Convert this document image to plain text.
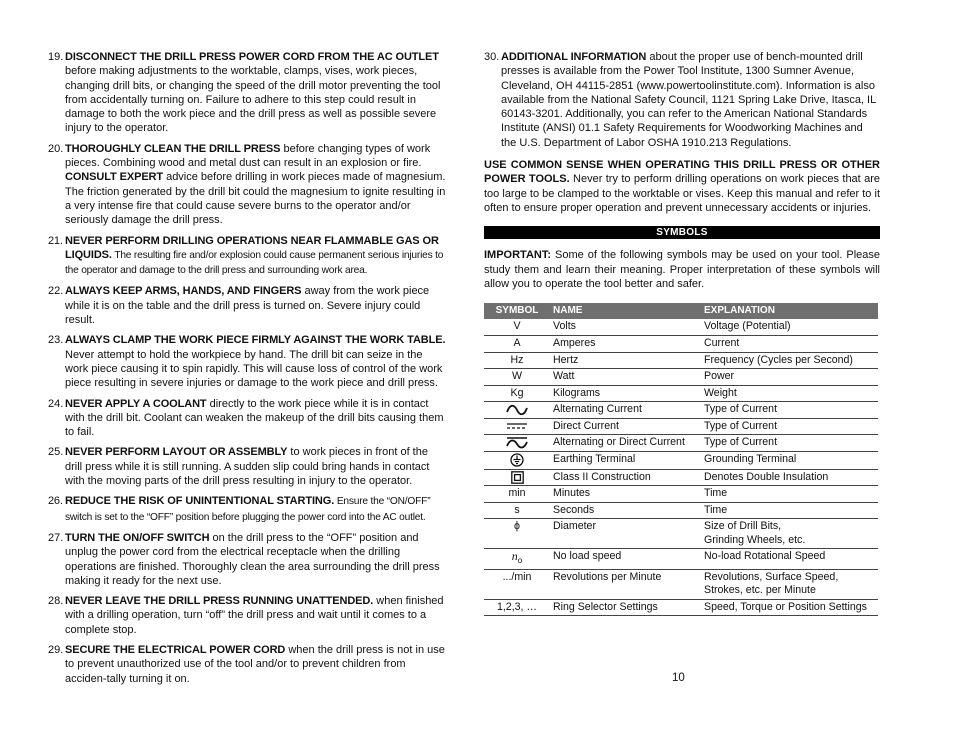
19. DISCONNECT THE DRILL PRESS POWER CORD FROM THE AC OUTLET before making adjustments to the worktable, clamps, vises, work pieces, changing drill bits, or changing the speed of the drill motor preventing the tool from accidentally turning on. Failure to adhere to this step could result in damage to both the work piece and the drill press as well as possible severe injury to the operator.
20. THOROUGHLY CLEAN THE DRILL PRESS before changing types of work pieces. Combining wood and metal dust can result in an explosion or fire. CONSULT EXPERT advice before drilling in work pieces made of magnesium. The friction generated by the drill bit could the magnesium to ignite resulting in a very intense fire that could cause severe burns to the operator and/or seriously damage the drill press.
21. NEVER PERFORM DRILLING OPERATIONS NEAR FLAMMABLE GAS OR LIQUIDS. The resulting fire and/or explosion could cause permanent serious injuries to the operator and damage to the drill press and surrounding work area.
22. ALWAYS KEEP ARMS, HANDS, AND FINGERS away from the work piece while it is on the table and the drill press is turned on. Severe injury could result.
23. ALWAYS CLAMP THE WORK PIECE FIRMLY AGAINST THE WORK TABLE. Never attempt to hold the workpiece by hand. The drill bit can seize in the work piece causing it to spin rapidly. This will cause loss of control of the work piece resulting in severe injuries or damage to the work piece and drill press.
24. NEVER APPLY A COOLANT directly to the work piece while it is in contact with the drill bit. Coolant can weaken the makeup of the drill bits causing them to fail.
25. NEVER PERFORM LAYOUT OR ASSEMBLY to work pieces in front of the drill press while it is still running. A sudden slip could bring hands in contact with the moving parts of the drill press resulting in injury to the operator.
26. REDUCE THE RISK OF UNINTENTIONAL STARTING. Ensure the “ON/OFF” switch is set to the “OFF” position before plugging the power cord into the AC outlet.
27. TURN THE ON/OFF SWITCH on the drill press to the “OFF” position and unplug the power cord from the electrical receptacle when the drilling operations are finished. Thoroughly clean the area surrounding the drill press making it ready for the next use.
28. NEVER LEAVE THE DRILL PRESS RUNNING UNATTENDED. when finished with a drilling operation, turn “off” the drill press and wait until it comes to a complete stop.
29. SECURE THE ELECTRICAL POWER CORD when the drill press is not in use to prevent unauthorized use of the tool and/or to prevent children from acciden-tally turning it on.
30. ADDITIONAL INFORMATION about the proper use of bench-mounted drill presses is available from the Power Tool Institute, 1300 Sumner Avenue, Cleveland, OH 44115-2851 (www.powertoolinstitute.com). Information is also available from the National Safety Council, 1121 Spring Lake Drive, Itasca, IL 60143-3201. Additionally, you can refer to the American National Standards Institute (ANSI) 01.1 Safety Requirements for Woodworking Machines and the U.S. Department of Labor OSHA 1910.213 Regulations.
USE COMMON SENSE WHEN OPERATING THIS DRILL PRESS OR OTHER POWER TOOLS. Never try to perform drilling operations on work pieces that are too large to be clamped to the worktable or vises. Keep this manual and refer to it often to ensure proper operation and prevent unnecessary accidents or injuries.
SYMBOLS
IMPORTANT: Some of the following symbols may be used on your tool. Please study them and learn their meaning. Proper interpretation of these symbols will allow you to operate the tool better and safer.
SYMBOL	NAME	EXPLANATION
V	Volts	Voltage (Potential)
A	Amperes	Current
Hz	Hertz	Frequency (Cycles per Second)
W	Watt	Power
Kg	Kilograms	Weight
	Alternating Current	Type of Current
	Direct Current	Type of Current
	Alternating or Direct Current	Type of Current
	Earthing Terminal	Grounding Terminal
	Class II Construction	Denotes Double Insulation
min	Minutes	Time
s	Seconds	Time
ϕ	Diameter	Size of Drill Bits,
Grinding Wheels, etc.

$n_o$	No load speed	No-load Rotational Speed
.../min	Revolutions per Minute	Revolutions, Surface Speed,
Strokes, etc. per Minute

1,2,3, …	Ring Selector Settings	Speed, Torque or Position Settings
10
